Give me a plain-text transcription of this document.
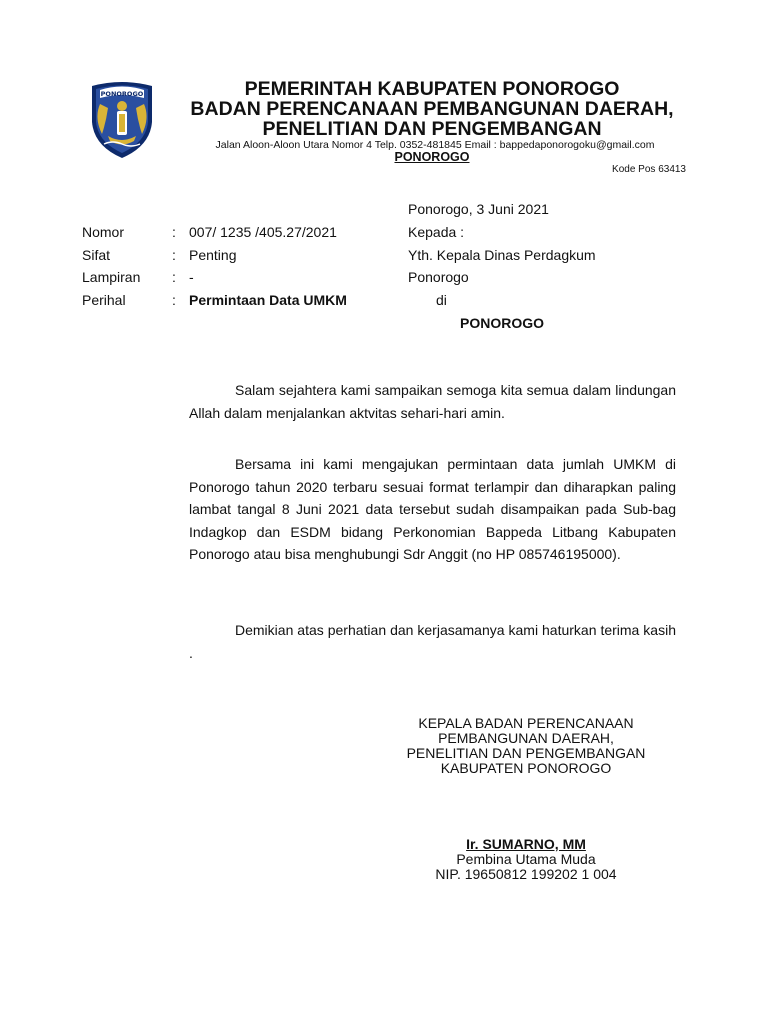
PONOROGO	PEMERINTAH KABUPATEN PONOROGO
BADAN PERENCANAAN PEMBANGUNAN DAERAH,
PENELITIAN DAN PENGEMBANGAN
Jalan Aloon-Aloon Utara Nomor 4 Telp. 0352-481845 Email : bappedaponorogoku@gmail.com
PONOROGO
Kode Pos 63413
Ponorogo, 3 Juni 2021
Nomor	: 007/ 1235 /405.27/2021	Kepada :
Sifat	: Penting	Yth. Kepala Dinas Perdagkum
Lampiran : -	Ponorogo
Perihal	: Permintaan Data UMKM	di
PONOROGO

Salam sejahtera kami sampaikan semoga kita semua dalam lindungan Allah dalam menjalankan aktvitas sehari-hari amin.

Bersama ini kami mengajukan permintaan data jumlah UMKM di Ponorogo tahun 2020 terbaru sesuai format terlampir dan diharapkan paling lambat tangal 8 Juni 2021 data tersebut sudah disampaikan pada Sub-bag Indagkop dan ESDM bidang Perkonomian Bappeda Litbang Kabupaten Ponorogo atau bisa menghubungi Sdr Anggit (no HP 085746195000).

Demikian atas perhatian dan kerjasamanya kami haturkan terima kasih .

KEPALA BADAN PERENCANAAN
PEMBANGUNAN DAERAH,
PENELITIAN DAN PENGEMBANGAN
KABUPATEN PONOROGO
Ir. SUMARNO, MM
Pembina Utama Muda
NIP. 19650812 199202 1 004
